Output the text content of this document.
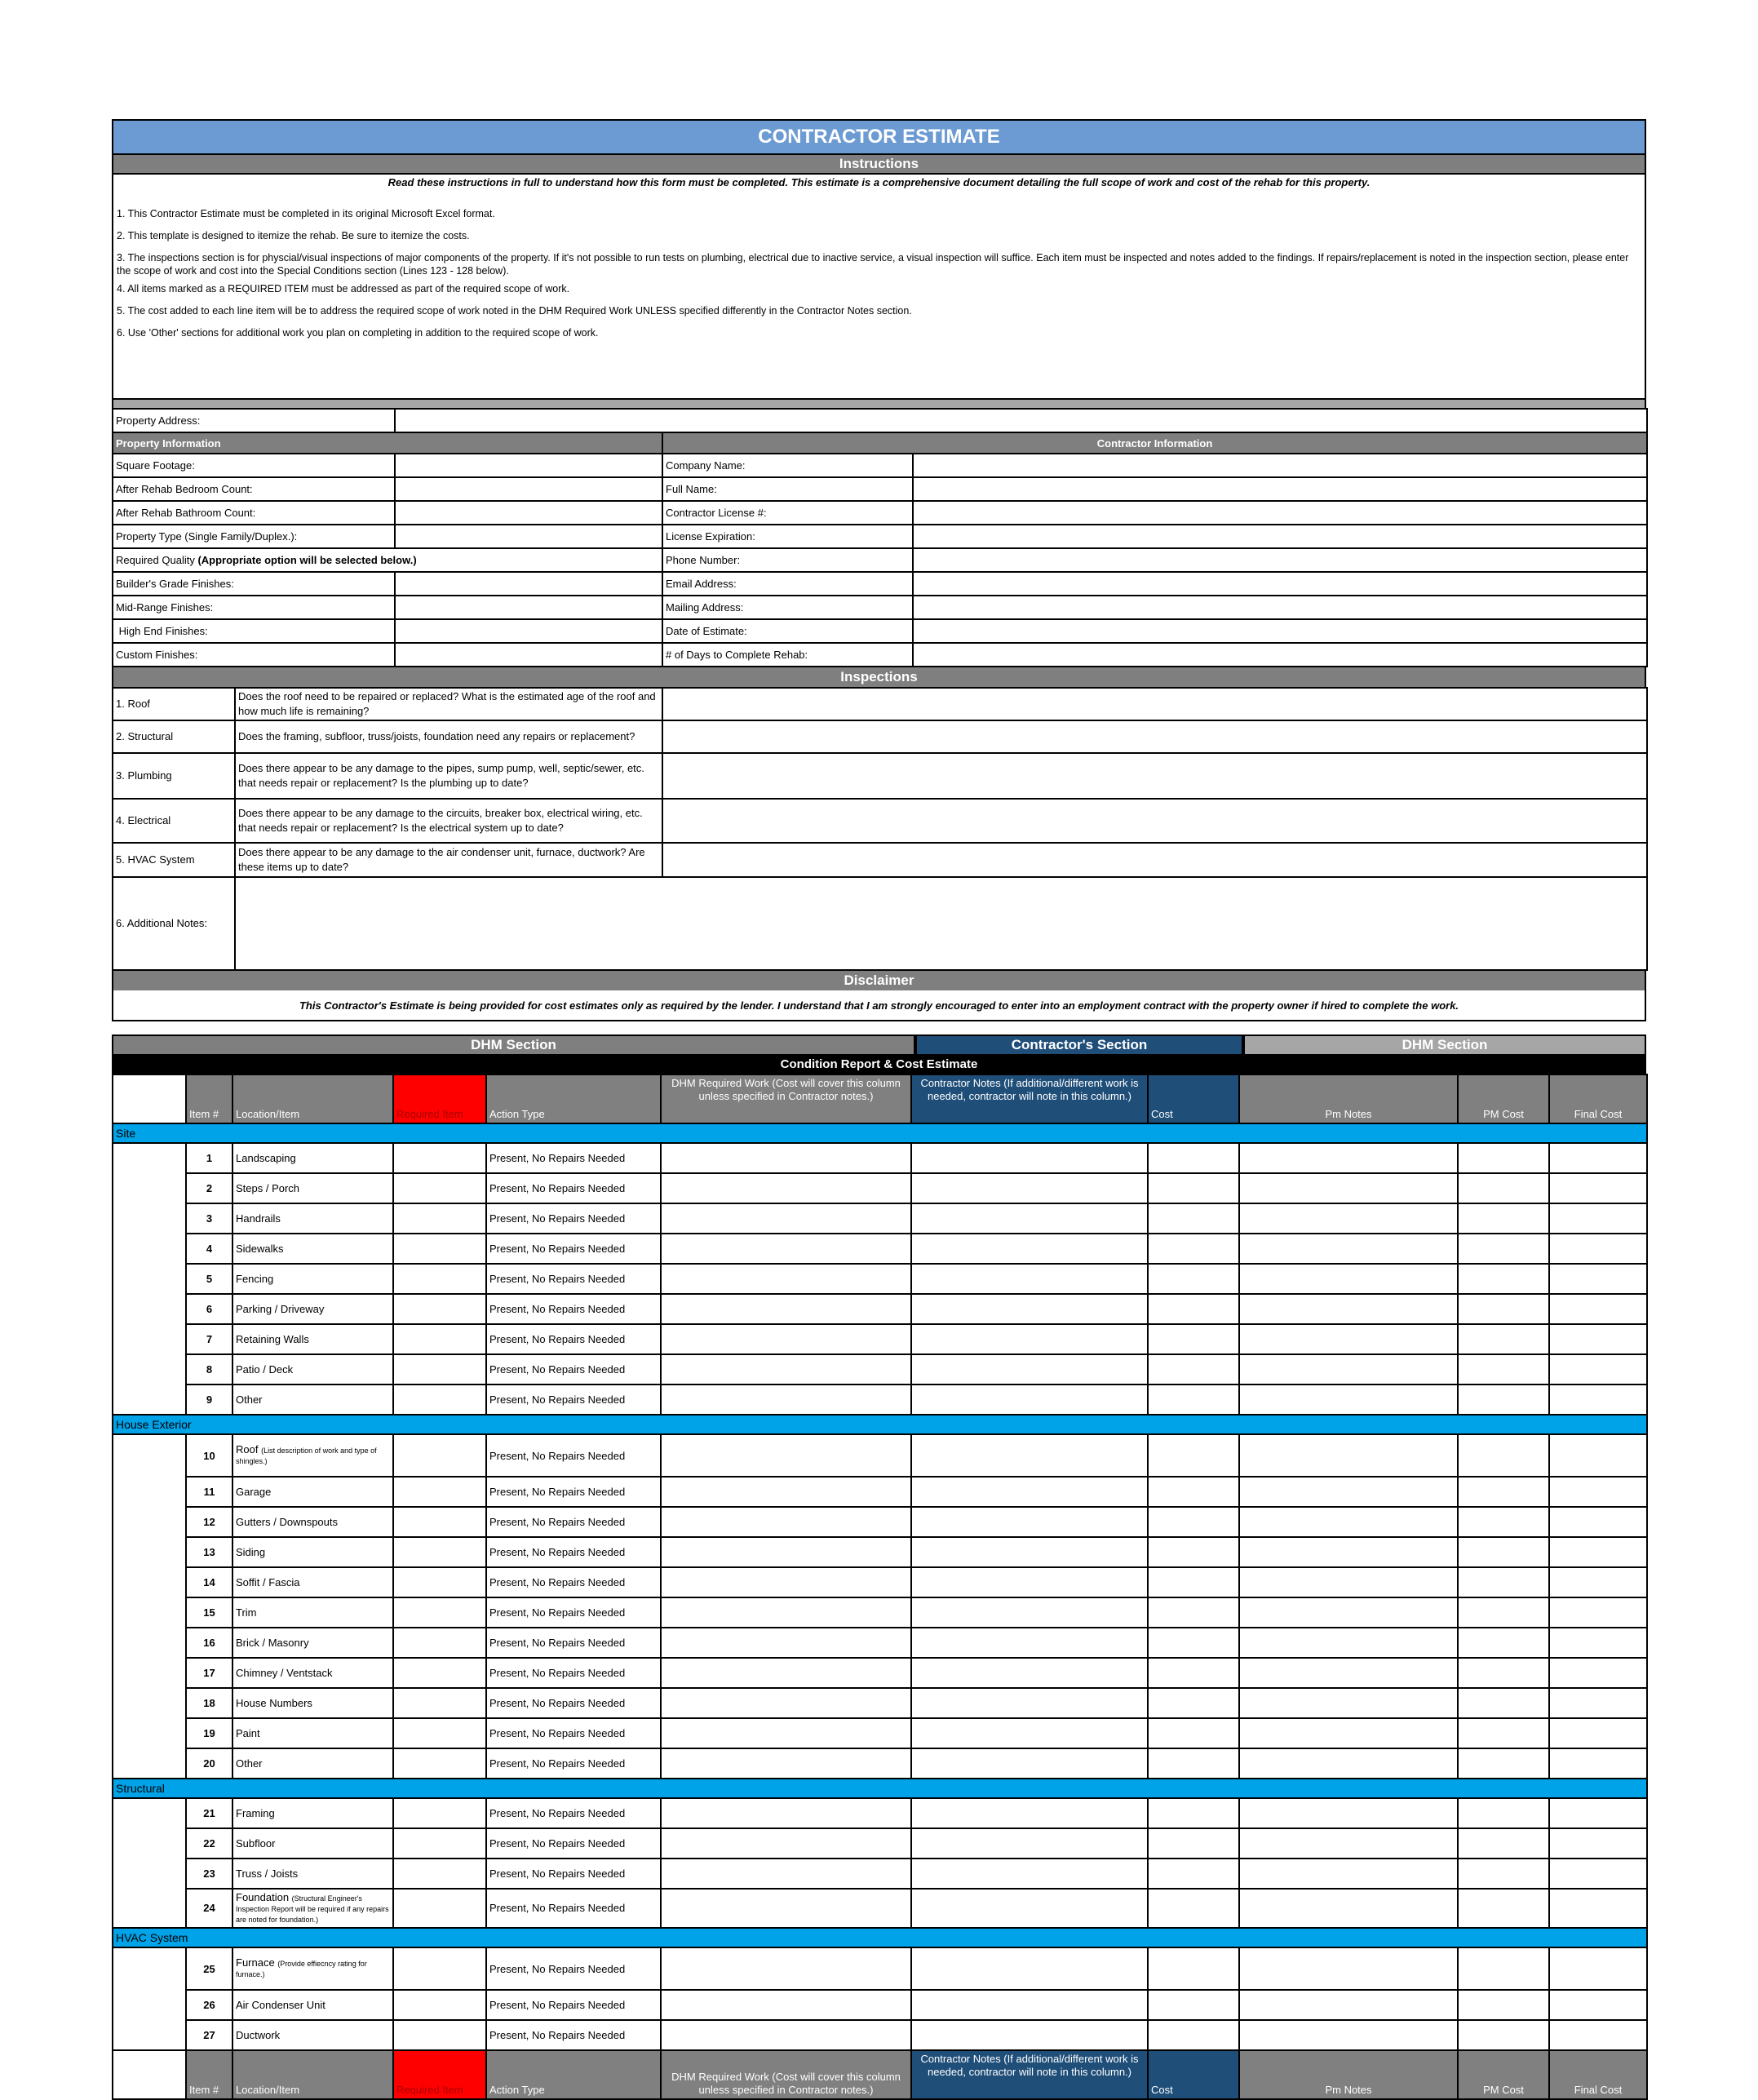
CONTRACTOR ESTIMATE
Instructions
Read these instructions in full to understand how this form must be completed. This estimate is a comprehensive document detailing the full scope of work and cost of the rehab for this property.
1. This Contractor Estimate must be completed in its original Microsoft Excel format.
2. This template is designed to itemize the rehab. Be sure to itemize the costs.
3. The inspections section is for physcial/visual inspections of major components of the property. If it's not possible to run tests on plumbing, electrical due to inactive service, a visual inspection will suffice. Each item must be inspected and notes added to the findings. If repairs/replacement is noted in the inspection section, please enter the scope of work and cost into the Special Conditions section (Lines 123 - 128 below).
4. All items marked as a REQUIRED ITEM must be addressed as part of the required scope of work.
5. The cost added to each line item will be to address the required scope of work noted in the DHM Required Work UNLESS specified differently in the Contractor Notes section.
6. Use 'Other' sections for additional work you plan on completing in addition to the required scope of work.
Property Address:			
Property Information		Contractor Information	
Square Footage:		Company Name:	
After Rehab Bedroom Count:		Full Name:	
After Rehab Bathroom Count:		Contractor License #:	
Property Type (Single Family/Duplex.):		License Expiration:	
Required Quality (Appropriate option will be selected below.)		Phone Number:	
Builder's Grade Finishes:		Email Address:	
Mid-Range Finishes:		Mailing Address:	
High End Finishes:		Date of Estimate:	
Custom Finishes:		# of Days to Complete Rehab:	
Inspections
1. Roof	Does the roof need to be repaired or replaced? What is the estimated age of the roof and how much life is remaining?	
2. Structural	Does the framing, subfloor, truss/joists, foundation need any repairs or replacement?	
3. Plumbing	Does there appear to be any damage to the pipes, sump pump, well, septic/sewer, etc. that needs repair or replacement? Is the plumbing up to date?	
4. Electrical	Does there appear to be any damage to the circuits, breaker box, electrical wiring, etc. that needs repair or replacement? Is the electrical system up to date?	
5. HVAC System	Does there appear to be any damage to the air condenser unit, furnace, ductwork? Are these items up to date?	
6. Additional Notes:		
Disclaimer
This Contractor's Estimate is being provided for cost estimates only as required by the lender. I understand that I am strongly encouraged to enter into an employment contract with the property owner if hired to complete the work.
DHM Section	Contractor's Section	DHM Section
Condition Report & Cost Estimate
	Item #	Location/Item	Required Item	Action Type	DHM Required Work (Cost will cover this column unless specified in Contractor notes.)	Contractor Notes (If additional/different work is needed, contractor will note in this column.)	Cost	Pm Notes	PM Cost	Final Cost
Site										
	1	Landscaping		Present, No Repairs Needed						
	2	Steps / Porch		Present, No Repairs Needed						
	3	Handrails		Present, No Repairs Needed						
	4	Sidewalks		Present, No Repairs Needed						
	5	Fencing		Present, No Repairs Needed						
	6	Parking / Driveway		Present, No Repairs Needed						
	7	Retaining Walls		Present, No Repairs Needed						
	8	Patio / Deck		Present, No Repairs Needed						
	9	Other		Present, No Repairs Needed						
House Exterior										
	10	Roof (List description of work and type of shingles.)		Present, No Repairs Needed						
	11	Garage		Present, No Repairs Needed						
	12	Gutters / Downspouts		Present, No Repairs Needed						
	13	Siding		Present, No Repairs Needed						
	14	Soffit / Fascia		Present, No Repairs Needed						
	15	Trim		Present, No Repairs Needed						
	16	Brick / Masonry		Present, No Repairs Needed						
	17	Chimney / Ventstack		Present, No Repairs Needed						
	18	House Numbers		Present, No Repairs Needed						
	19	Paint		Present, No Repairs Needed						
	20	Other		Present, No Repairs Needed						
Structural										
	21	Framing		Present, No Repairs Needed						
	22	Subfloor		Present, No Repairs Needed						
	23	Truss / Joists		Present, No Repairs Needed						
	24	Foundation (Structural Engineer's Inspection Report will be required if any repairs are noted for foundation.)		Present, No Repairs Needed						
HVAC System										
	25	Furnace (Provide effiecncy rating for furnace.)		Present, No Repairs Needed						
	26	Air Condenser Unit		Present, No Repairs Needed						
	27	Ductwork		Present, No Repairs Needed						
	Item #	Location/Item	Required Item	Action Type	DHM Required Work (Cost will cover this column unless specified in Contractor notes.)	Contractor Notes (If additional/different work is needed, contractor will note in this column.)	Cost	Pm Notes	PM Cost	Final Cost
